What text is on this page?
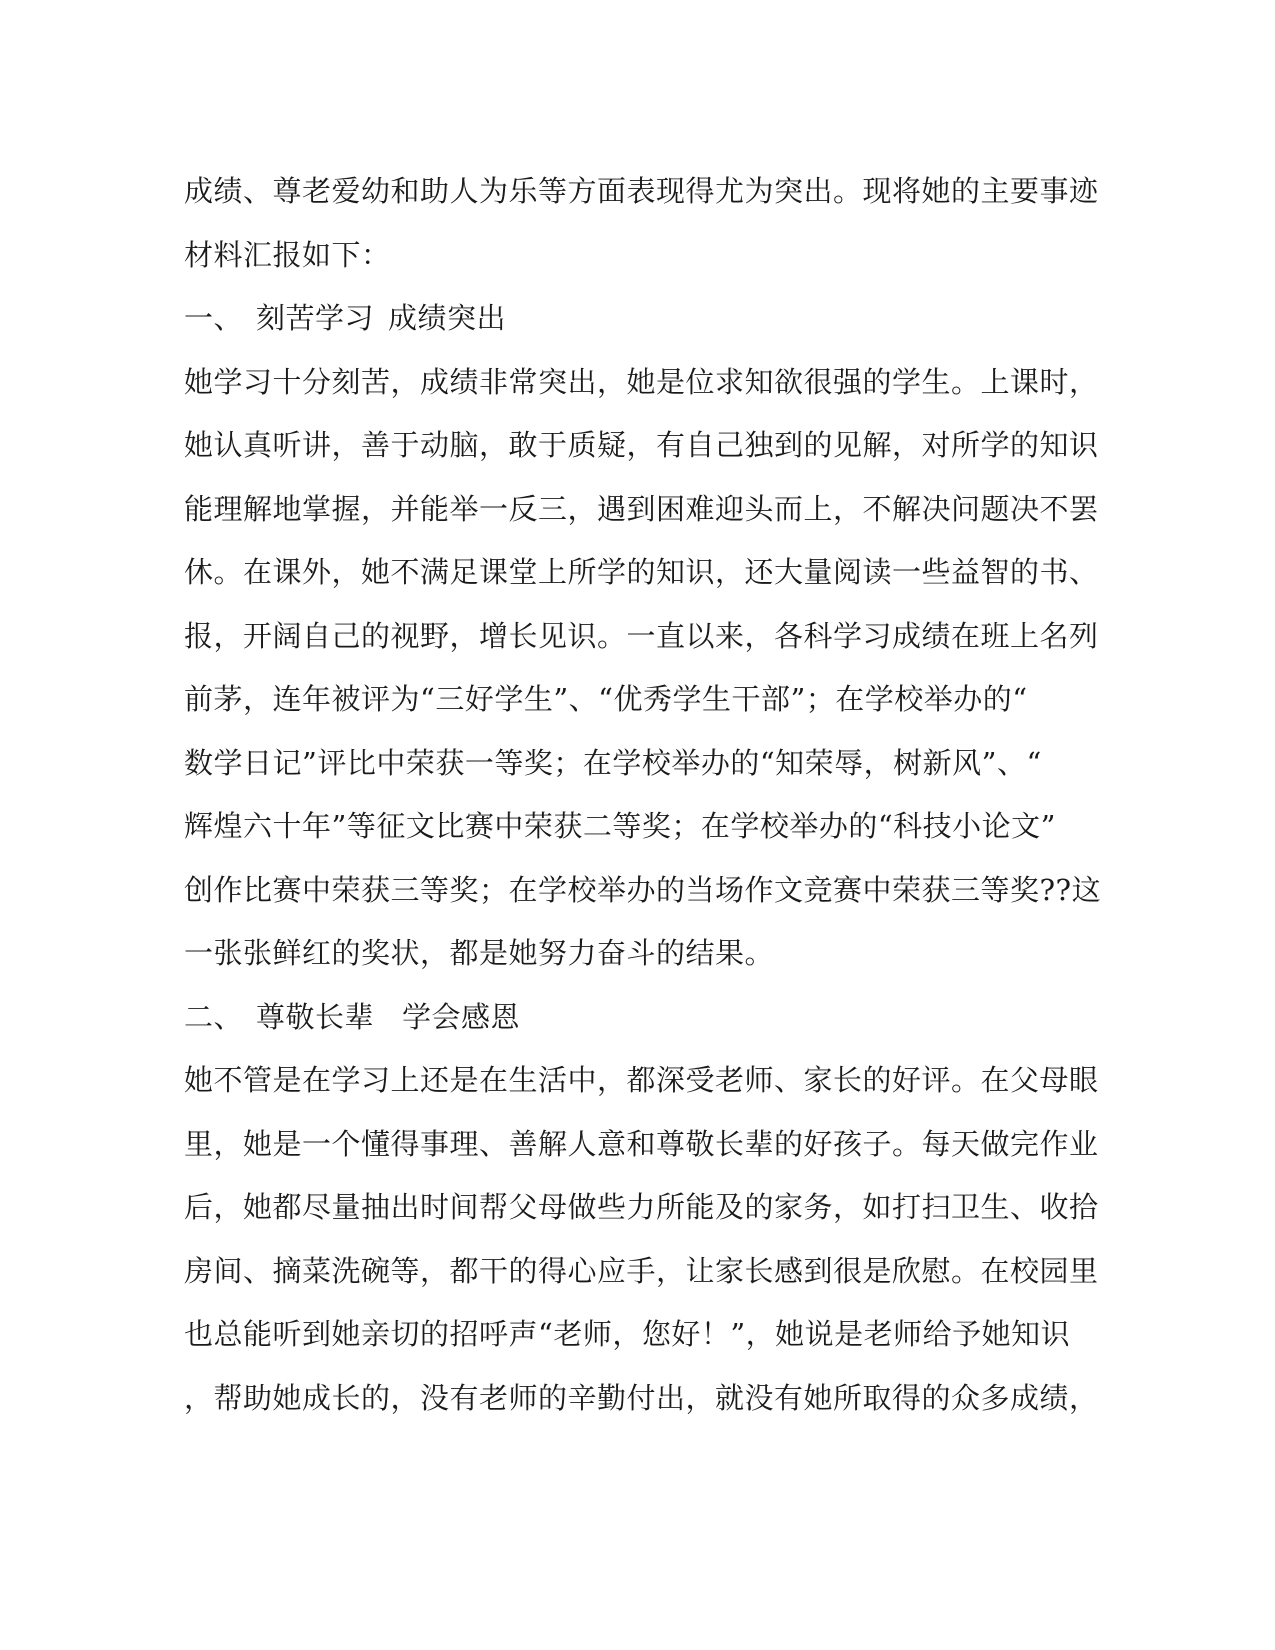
成绩、尊老爱幼和助人为乐等方面表现得尤为突出。现将她的主要事迹
材料汇报如下：
一、 刻苦学习 成绩突出
她学习十分刻苦，成绩非常突出，她是位求知欲很强的学生。上课时，
她认真听讲，善于动脑，敢于质疑，有自己独到的见解，对所学的知识
能理解地掌握，并能举一反三，遇到困难迎头而上，不解决问题决不罢
休。在课外，她不满足课堂上所学的知识，还大量阅读一些益智的书、
报，开阔自己的视野，增长见识。一直以来，各科学习成绩在班上名列
前茅，连年被评为“三好学生”、“优秀学生干部”；在学校举办的“
数学日记”评比中荣获一等奖；在学校举办的“知荣辱，树新风”、“
辉煌六十年”等征文比赛中荣获二等奖；在学校举办的“科技小论文”
创作比赛中荣获三等奖；在学校举办的当场作文竞赛中荣获三等奖??这
一张张鲜红的奖状，都是她努力奋斗的结果。
二、 尊敬长辈 学会感恩
她不管是在学习上还是在生活中，都深受老师、家长的好评。在父母眼
里，她是一个懂得事理、善解人意和尊敬长辈的好孩子。每天做完作业
后，她都尽量抽出时间帮父母做些力所能及的家务，如打扫卫生、收拾
房间、摘菜洗碗等，都干的得心应手，让家长感到很是欣慰。在校园里
也总能听到她亲切的招呼声“老师，您好！”，她说是老师给予她知识
，帮助她成长的，没有老师的辛勤付出，就没有她所取得的众多成绩，
